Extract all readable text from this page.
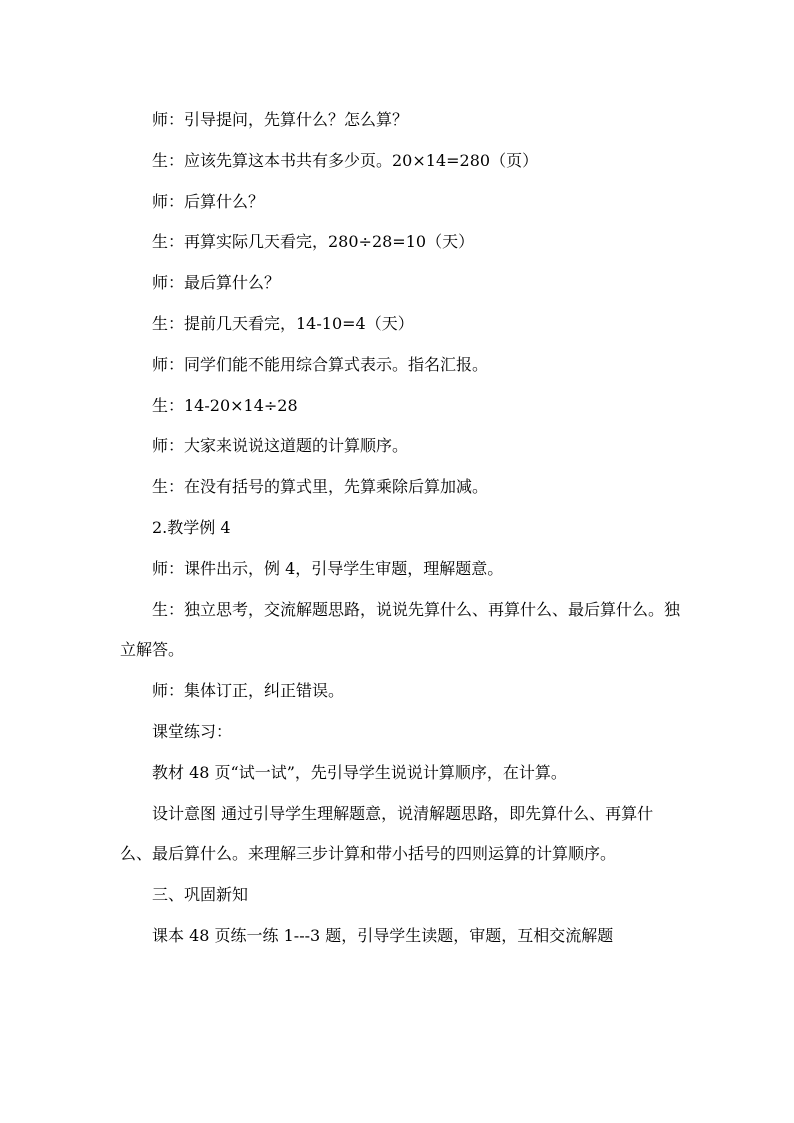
师：引导提问，先算什么？怎么算？

生：应该先算这本书共有多少页。20×14=280（页）

师：后算什么？

生：再算实际几天看完，280÷28=10（天）

师：最后算什么？

生：提前几天看完，14-10=4（天）

师：同学们能不能用综合算式表示。指名汇报。

生：14-20×14÷28

师：大家来说说这道题的计算顺序。

生：在没有括号的算式里，先算乘除后算加减。

2.教学例 4

师：课件出示，例 4，引导学生审题，理解题意。

生：独立思考，交流解题思路，说说先算什么、再算什么、最后算什么。独立解答。

师：集体订正，纠正错误。

课堂练习：

教材 48 页“试一试”，先引导学生说说计算顺序，在计算。

设计意图 通过引导学生理解题意，说清解题思路，即先算什么、再算什么、最后算什么。来理解三步计算和带小括号的四则运算的计算顺序。

三、巩固新知

课本 48 页练一练 1---3 题，引导学生读题，审题，互相交流解题
